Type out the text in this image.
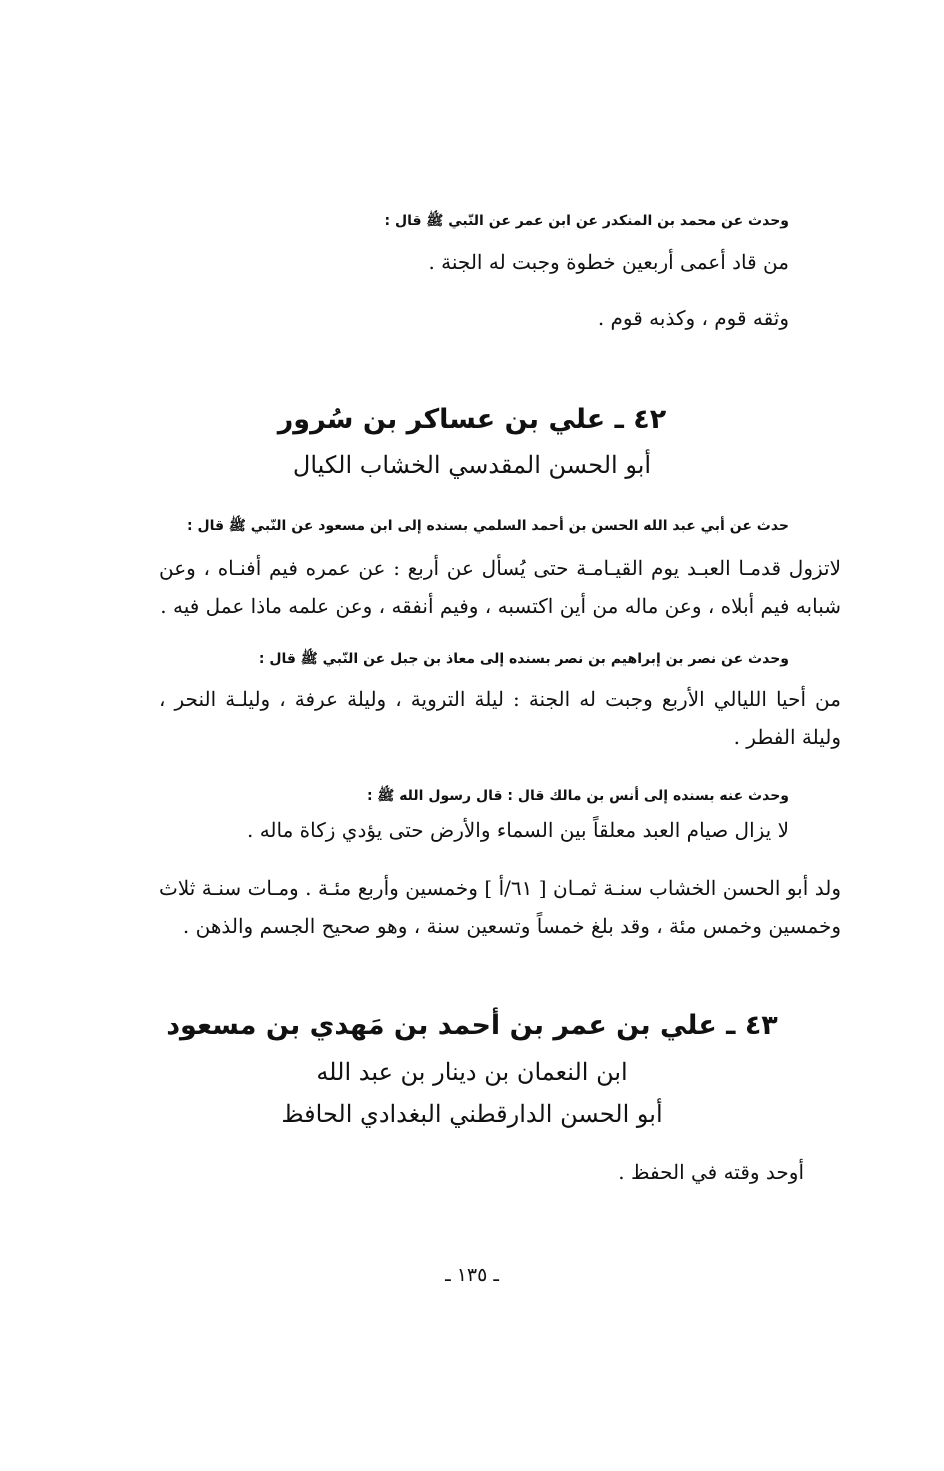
وحدث عن محمد بن المنكدر عن ابن عمر عن النّبي ﷺ قال :
من قاد أعمى أربعين خطوة وجبت له الجنة .
وثقه قوم ، وكذبه قوم .
٤٢ ـ علي بن عساكر بن سُرور
أبو الحسن المقدسي الخشاب الكيال
حدث عن أبي عبد الله الحسن بن أحمد السلمي بسنده إلى ابن مسعود عن النّبي ﷺ قال :
لاتزول قدمـا العبـد يوم القيـامـة حتى يُسأل عن أربع : عن عمره فيم أفنـاه ، وعن شبابه فيم أبلاه ، وعن ماله من أين اكتسبه ، وفيم أنفقه ، وعن علمه ماذا عمل فيه .
وحدث عن نصر بن إبراهيم بن نصر بسنده إلى معاذ بن جبل عن النّبي ﷺ قال :
من أحيا الليالي الأربع وجبت له الجنة : ليلة التروية ، وليلة عرفة ، وليلـة النحر ، وليلة الفطر .
وحدث عنه بسنده إلى أنس بن مالك قال : قال رسول الله ﷺ :
لا يزال صيام العبد معلقاً بين السماء والأرض حتى يؤدي زكاة ماله .
ولد أبو الحسن الخشاب سنـة ثمـان [ ٦١/أ ] وخمسين وأربع مئـة . ومـات سنـة ثلاث وخمسين وخمس مئة ، وقد بلغ خمساً وتسعين سنة ، وهو صحيح الجسم والذهن .
٤٣ ـ علي بن عمر بن أحمد بن مَهدي بن مسعود
ابن النعمان بن دينار بن عبد الله
أبو الحسن الدارقطني البغدادي الحافظ
أوحد وقته في الحفظ .
ـ ١٣٥ ـ
